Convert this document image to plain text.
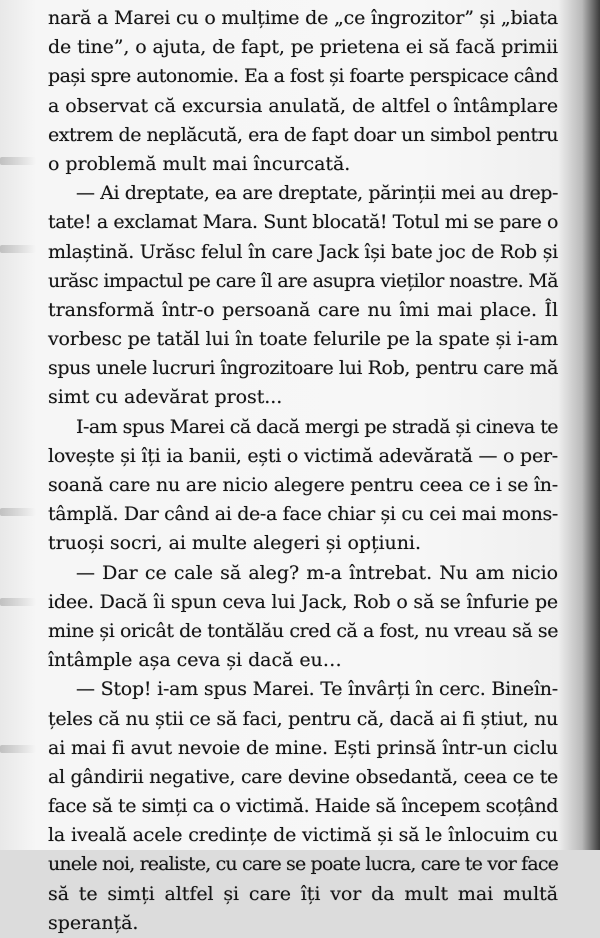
nară a Marei cu o mulțime de „ce îngrozitor” și „biata
de tine”, o ajuta, de fapt, pe prietena ei să facă primii
pași spre autonomie. Ea a fost și foarte perspicace când
a observat că excursia anulată, de altfel o întâmplare
extrem de neplăcută, era de fapt doar un simbol pentru
o problemă mult mai încurcată.
— Ai dreptate, ea are dreptate, părinții mei au drep-
tate! a exclamat Mara. Sunt blocată! Totul mi se pare o
mlaștină. Urăsc felul în care Jack își bate joc de Rob și
urăsc impactul pe care îl are asupra vieților noastre. Mă
transformă într-o persoană care nu îmi mai place. Îl
vorbesc pe tatăl lui în toate felurile pe la spate și i-am
spus unele lucruri îngrozitoare lui Rob, pentru care mă
simt cu adevărat prost...
I-am spus Marei că dacă mergi pe stradă și cineva te
lovește și îți ia banii, ești o victimă adevărată — o per-
soană care nu are nicio alegere pentru ceea ce i se în-
tâmplă. Dar când ai de-a face chiar și cu cei mai mons-
truoși socri, ai multe alegeri și opțiuni.
— Dar ce cale să aleg? m-a întrebat. Nu am nicio
idee. Dacă îi spun ceva lui Jack, Rob o să se înfurie pe
mine și oricât de tontălău cred că a fost, nu vreau să se
întâmple așa ceva și dacă eu…
— Stop! i-am spus Marei. Te învârți în cerc. Bineîn-
țeles că nu știi ce să faci, pentru că, dacă ai fi știut, nu
ai mai fi avut nevoie de mine. Ești prinsă într-un ciclu
al gândirii negative, care devine obsedantă, ceea ce te
face să te simți ca o victimă. Haide să începem scoțând
la iveală acele credințe de victimă și să le înlocuim cu
unele noi, realiste, cu care se poate lucra, care te vor face
să te simți altfel și care îți vor da mult mai multă
speranță.
